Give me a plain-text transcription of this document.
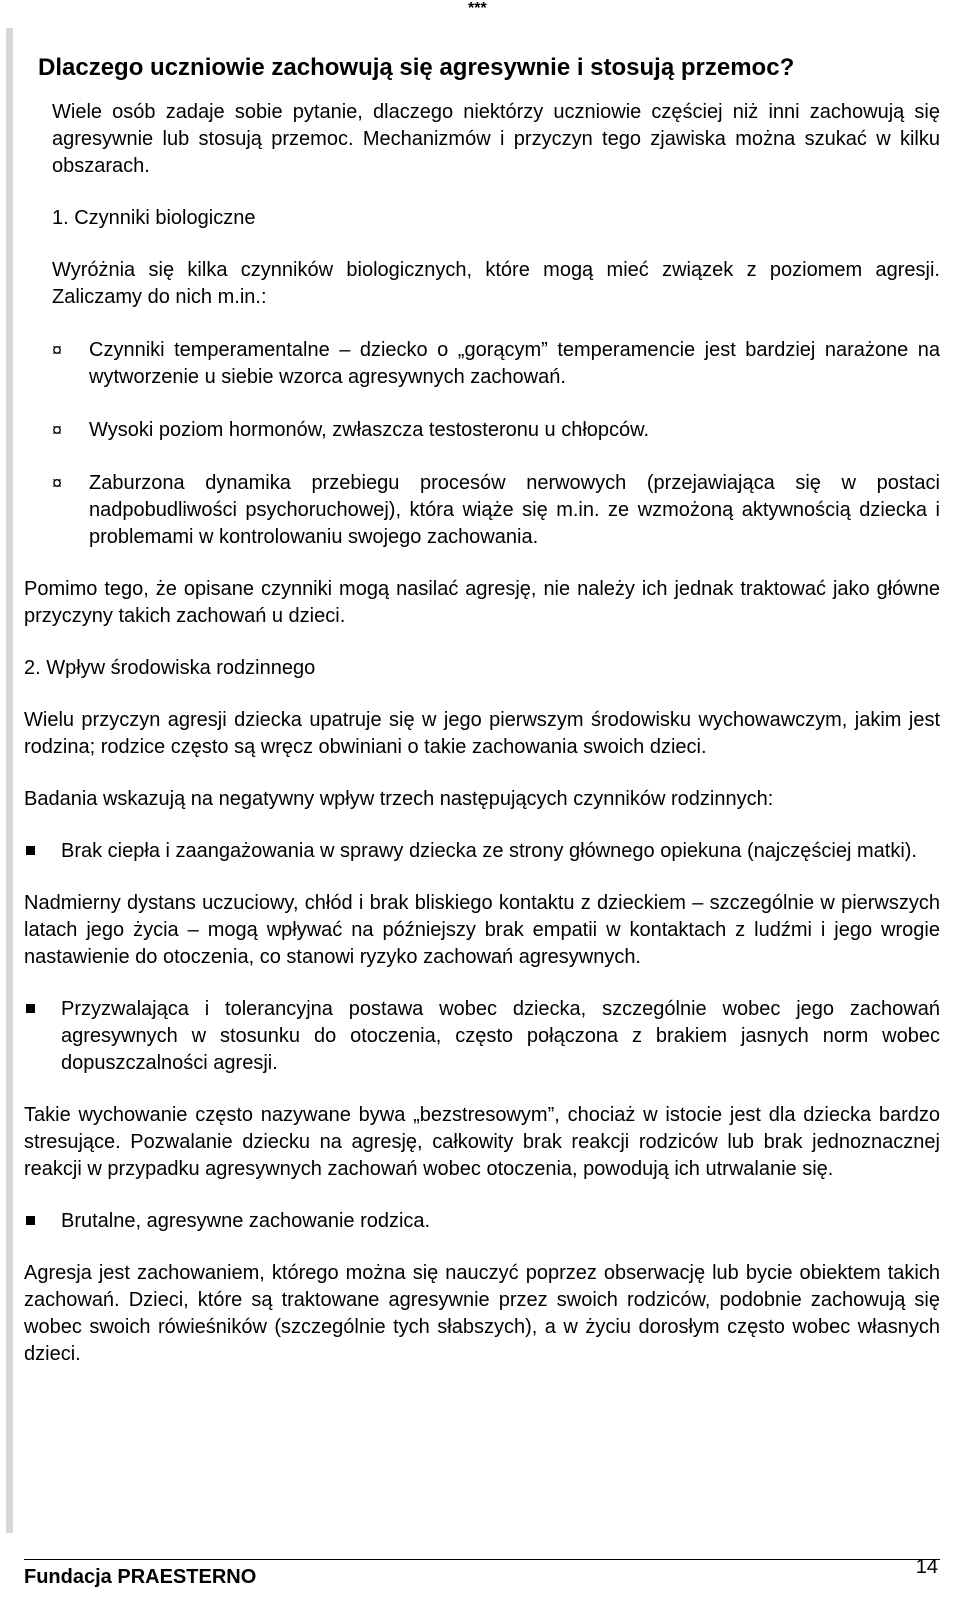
***
Dlaczego uczniowie zachowują się agresywnie i stosują przemoc?

Wiele osób zadaje sobie pytanie, dlaczego niektórzy uczniowie częściej niż inni zachowują się agresywnie lub stosują przemoc. Mechanizmów i przyczyn tego zjawiska można szukać w kilku obszarach.

1. Czynniki biologiczne

Wyróżnia się kilka czynników biologicznych, które mogą mieć związek z poziomem agresji. Zaliczamy do nich m.in.:

¤ Czynniki temperamentalne – dziecko o „gorącym” temperamencie jest bardziej narażone na wytworzenie u siebie wzorca agresywnych zachowań.
¤ Wysoki poziom hormonów, zwłaszcza testosteronu u chłopców.
¤ Zaburzona dynamika przebiegu procesów nerwowych (przejawiająca się w postaci nadpobudliwości psychoruchowej), która wiąże się m.in. ze wzmożoną aktywnością dziecka i problemami w kontrolowaniu swojego zachowania.

Pomimo tego, że opisane czynniki mogą nasilać agresję, nie należy ich jednak traktować jako główne przyczyny takich zachowań u dzieci.

2. Wpływ środowiska rodzinnego

Wielu przyczyn agresji dziecka upatruje się w jego pierwszym środowisku wychowawczym, jakim jest rodzina; rodzice często są wręcz obwiniani o takie zachowania swoich dzieci.

Badania wskazują na negatywny wpływ trzech następujących czynników rodzinnych:

Brak ciepła i zaangażowania w sprawy dziecka ze strony głównego opiekuna (najczęściej matki).

Nadmierny dystans uczuciowy, chłód i brak bliskiego kontaktu z dzieckiem – szczególnie w pierwszych latach jego życia – mogą wpływać na późniejszy brak empatii w kontaktach z ludźmi i jego wrogie nastawienie do otoczenia, co stanowi ryzyko zachowań agresywnych.

Przyzwalająca i tolerancyjna postawa wobec dziecka, szczególnie wobec jego zachowań agresywnych w stosunku do otoczenia, często połączona z brakiem jasnych norm wobec dopuszczalności agresji.

Takie wychowanie często nazywane bywa „bezstresowym”, chociaż w istocie jest dla dziecka bardzo stresujące. Pozwalanie dziecku na agresję, całkowity brak reakcji rodziców lub brak jednoznacznej reakcji w przypadku agresywnych zachowań wobec otoczenia, powodują ich utrwalanie się.

Brutalne, agresywne zachowanie rodzica.

Agresja jest zachowaniem, którego można się nauczyć poprzez obserwację lub bycie obiektem takich zachowań. Dzieci, które są traktowane agresywnie przez swoich rodziców, podobnie zachowują się wobec swoich rówieśników (szczególnie tych słabszych), a w życiu dorosłym często wobec własnych dzieci.

Fundacja PRAESTERNO	14
